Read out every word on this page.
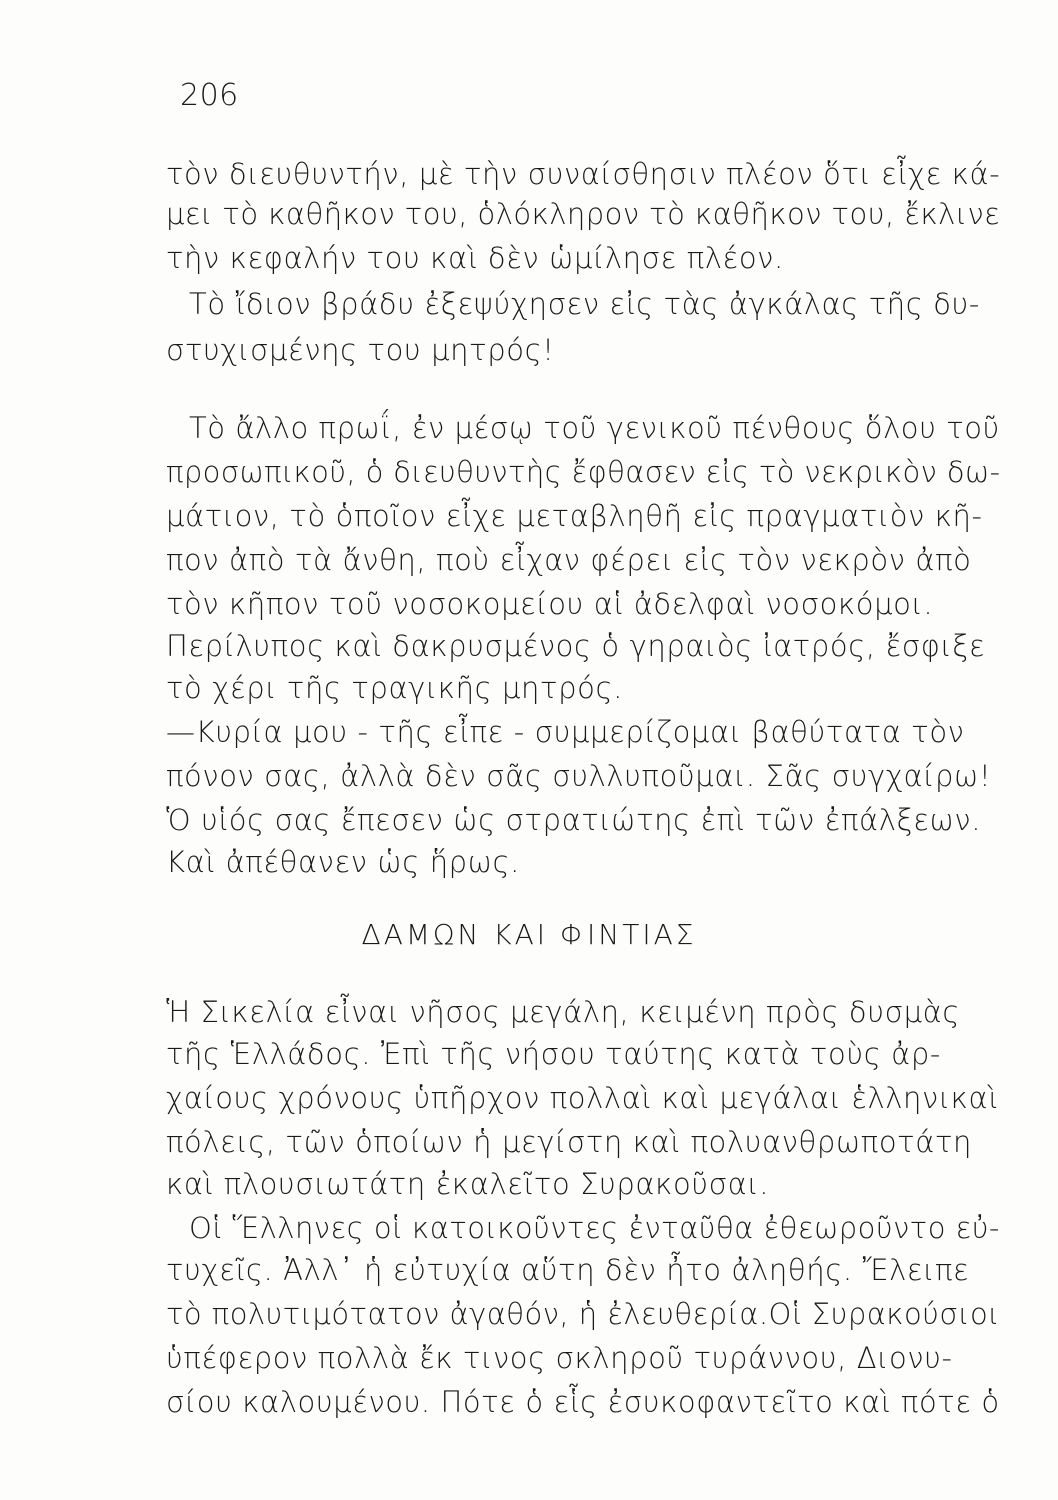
206
τὸν διευθυντήν, μὲ τὴν συναίσθησιν πλέον ὅτι εἶχε κά-
μει τὸ καθῆκον του, ὁλόκληρον τὸ καθῆκον του, ἔκλινε
τὴν κεφαλήν του καὶ δὲν ὡμίλησε πλέον.
Τὸ ἴδιον βράδυ ἐξεψύχησεν εἰς τὰς ἀγκάλας τῆς δυ-
στυχισμένης του μητρός!
Τὸ ἄλλο πρωΐ, ἐν μέσῳ τοῦ γενικοῦ πένθους ὅλου τοῦ
προσωπικοῦ, ὁ διευθυντὴς ἔφθασεν εἰς τὸ νεκρικὸν δω-
μάτιον, τὸ ὁποῖον εἶχε μεταβληθῆ εἰς πραγματιὸν κῆ-
πον ἀπὸ τὰ ἄνθη, ποὺ εἶχαν φέρει εἰς τὸν νεκρὸν ἀπὸ
τὸν κῆπον τοῦ νοσοκομείου αἱ ἀδελφαὶ νοσοκόμοι.
Περίλυπος καὶ δακρυσμένος ὁ γηραιὸς ἰατρός, ἔσφιξε
τὸ χέρι τῆς τραγικῆς μητρός.
—Κυρία μου - τῆς εἶπε - συμμερίζομαι βαθύτατα τὸν
πόνον σας, ἀλλὰ δὲν σᾶς συλλυποῦμαι. Σᾶς συγχαίρω!
Ὁ υἱός σας ἔπεσεν ὡς στρατιώτης ἐπὶ τῶν ἐπάλξεων.
Καὶ ἀπέθανεν ὡς ἥρως.
ΔΑΜΩΝ ΚΑΙ ΦΙΝΤΙΑΣ
Ἡ Σικελία εἶναι νῆσος μεγάλη, κειμένη πρὸς δυσμὰς
τῆς Ἑλλάδος. Ἐπὶ τῆς νήσου ταύτης κατὰ τοὺς ἀρ-
χαίους χρόνους ὑπῆρχον πολλαὶ καὶ μεγάλαι ἑλληνικαὶ
πόλεις, τῶν ὁποίων ἡ μεγίστη καὶ πολυανθρωποτάτη
καὶ πλουσιωτάτη ἐκαλεῖτο Συρακοῦσαι.
Οἱ Ἕλληνες οἱ κατοικοῦντες ἐνταῦθα ἐθεωροῦντο εὐ-
τυχεῖς. Ἀλλ᾽ ἡ εὐτυχία αὕτη δὲν ἦτο ἀληθής. Ἔλειπε
τὸ πολυτιμότατον ἀγαθόν, ἡ ἐλευθερία.Οἱ Συρακούσιοι
ὑπέφερον πολλὰ ἔκ τινος σκληροῦ τυράννου, Διονυ-
σίου καλουμένου. Πότε ὁ εἷς ἐσυκοφαντεῖτο καὶ πότε ὁ
